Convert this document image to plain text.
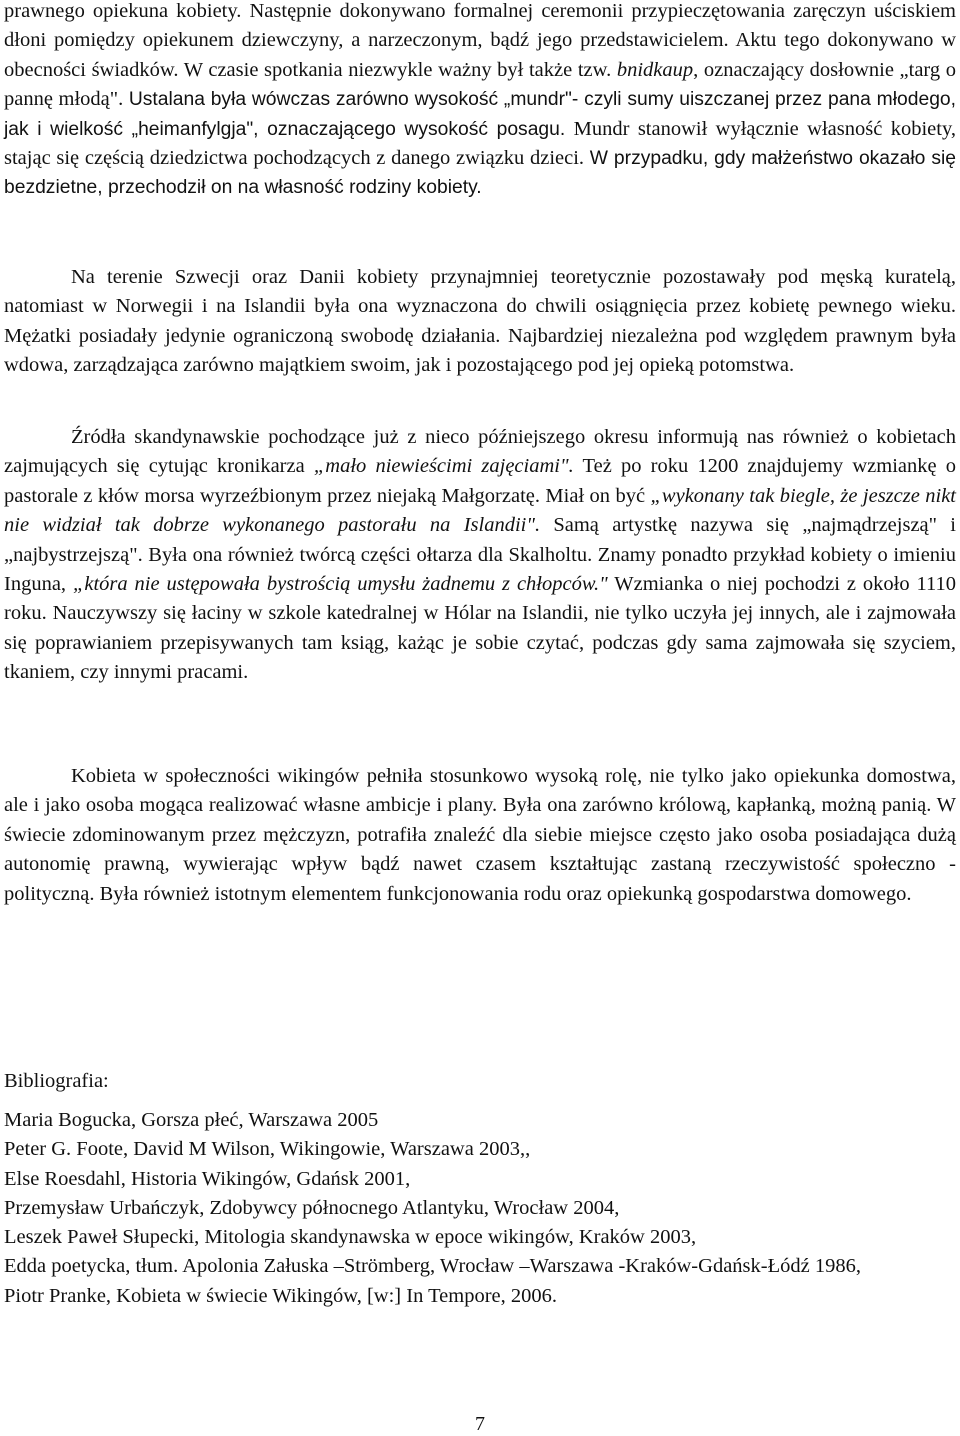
prawnego opiekuna kobiety. Następnie dokonywano formalnej ceremonii przypieczętowania zaręczyn uściskiem dłoni pomiędzy opiekunem dziewczyny, a narzeczonym, bądź jego przedstawicielem. Aktu tego dokonywano w obecności świadków. W czasie spotkania niezwykle ważny był także tzw. bnidkaup, oznaczający dosłownie „targ o pannę młodą". Ustalana była wówczas zarówno wysokość „mundr"- czyli sumy uiszczanej przez pana młodego, jak i wielkość „heimanfylgja", oznaczającego wysokość posagu. Mundr stanowił wyłącznie własność kobiety, stając się częścią dziedzictwa pochodzących z danego związku dzieci. W przypadku, gdy małżeństwo okazało się bezdzietne, przechodził on na własność rodziny kobiety.

Na terenie Szwecji oraz Danii kobiety przynajmniej teoretycznie pozostawały pod męską kuratelą, natomiast w Norwegii i na Islandii była ona wyznaczona do chwili osiągnięcia przez kobietę pewnego wieku. Mężatki posiadały jedynie ograniczoną swobodę działania. Najbardziej niezależna pod względem prawnym była wdowa, zarządzająca zarówno majątkiem swoim, jak i pozostającego pod jej opieką potomstwa.

Źródła skandynawskie pochodzące już z nieco późniejszego okresu informują nas również o kobietach zajmujących się cytując kronikarza „mało niewieścimi zajęciami". Też po roku 1200 znajdujemy wzmiankę o pastorale z kłów morsa wyrzeźbionym przez niejaką Małgorzatę. Miał on być „wykonany tak biegle, że jeszcze nikt nie widział tak dobrze wykonanego pastorału na Islandii". Samą artystkę nazywa się „najmądrzejszą" i „najbystrzejszą". Była ona również twórcą części ołtarza dla Skalholtu. Znamy ponadto przykład kobiety o imieniu Inguna, „która nie ustępowała bystrością umysłu żadnemu z chłopców." Wzmianka o niej pochodzi z około 1110 roku. Nauczywszy się łaciny w szkole katedralnej w Hólar na Islandii, nie tylko uczyła jej innych, ale i zajmowała się poprawianiem przepisywanych tam ksiąg, każąc je sobie czytać, podczas gdy sama zajmowała się szyciem, tkaniem, czy innymi pracami.

Kobieta w społeczności wikingów pełniła stosunkowo wysoką rolę, nie tylko jako opiekunka domostwa, ale i jako osoba mogąca realizować własne ambicje i plany. Była ona zarówno królową, kapłanką, możną panią. W świecie zdominowanym przez mężczyzn, potrafiła znaleźć dla siebie miejsce często jako osoba posiadająca dużą autonomię prawną, wywierając wpływ bądź nawet czasem kształtując zastaną rzeczywistość społeczno - polityczną. Była również istotnym elementem funkcjonowania rodu oraz opiekunką gospodarstwa domowego.

Bibliografia:
Maria Bogucka, Gorsza płeć, Warszawa 2005
Peter G. Foote, David M Wilson, Wikingowie, Warszawa 2003,,
Else Roesdahl, Historia Wikingów, Gdańsk 2001,
Przemysław Urbańczyk, Zdobywcy północnego Atlantyku, Wrocław 2004,
Leszek Paweł Słupecki, Mitologia skandynawska w epoce wikingów, Kraków 2003,
Edda poetycka, tłum. Apolonia Załuska –Strömberg, Wrocław –Warszawa -Kraków-Gdańsk-Łódź 1986,
Piotr Pranke, Kobieta w świecie Wikingów, [w:] In Tempore, 2006.
7
